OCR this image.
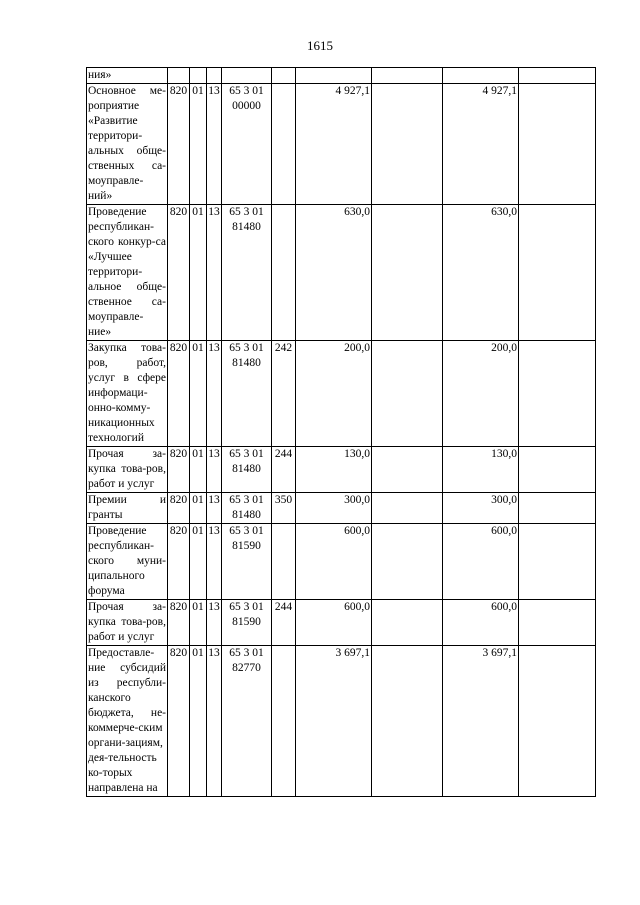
1615
ния»									
Основное ме-роприятие «Развитие территори-альных обще-ственных са-моуправле-ний»	820	01	13	65 3 01
00000		4 927,1		4 927,1	
Проведение республикан-ского конкур-са «Лучшее территори-альное обще-ственное са-моуправле-ние»	820	01	13	65 3 01
81480		630,0		630,0	
Закупка това-ров, работ, услуг в сфере информаци-онно-комму-никационных технологий	820	01	13	65 3 01
81480	242	200,0		200,0	
Прочая за-купка това-ров, работ и услуг	820	01	13	65 3 01
81480	244	130,0		130,0	
Премии и гранты	820	01	13	65 3 01
81480	350	300,0		300,0	
Проведение республикан-ского муни-ципального форума	820	01	13	65 3 01
81590		600,0		600,0	
Прочая за-купка това-ров, работ и услуг	820	01	13	65 3 01
81590	244	600,0		600,0	
Предоставле-ние субсидий из республи-канского бюджета, не-коммерче-ским органи-зациям, дея-тельность ко-торых направлена на	820	01	13	65 3 01
82770		3 697,1		3 697,1	
